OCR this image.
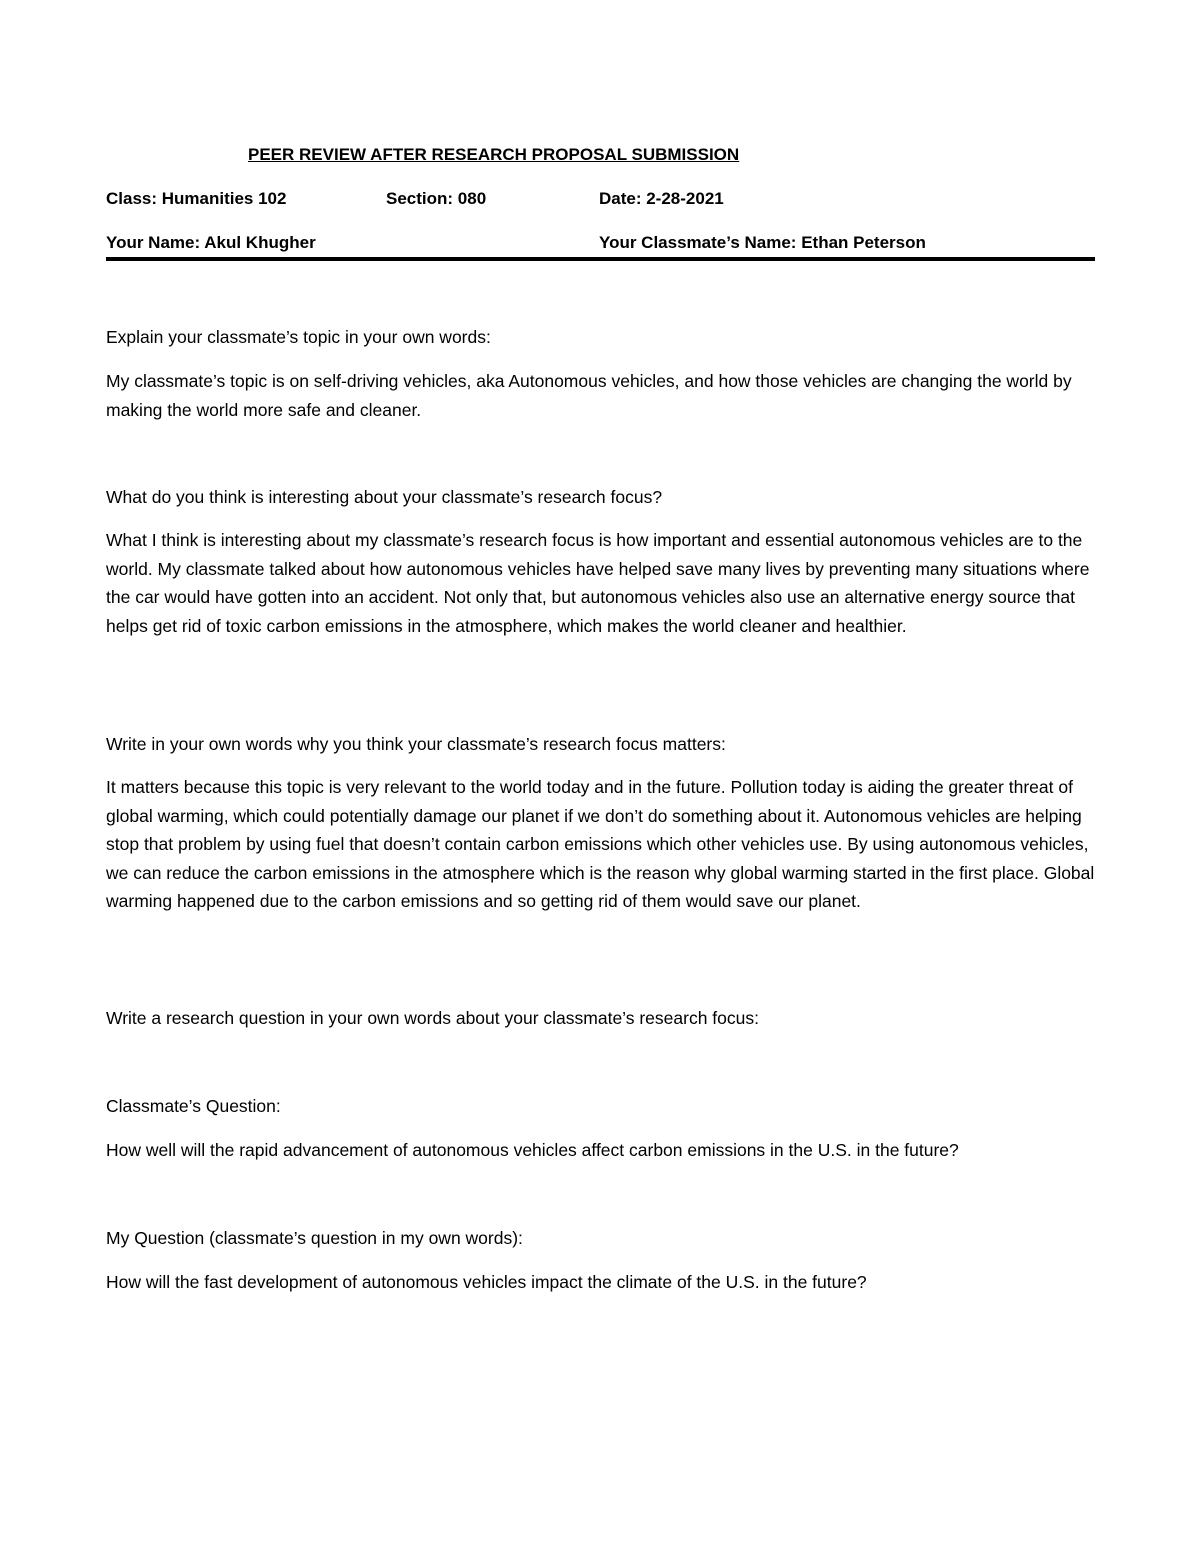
PEER REVIEW AFTER RESEARCH PROPOSAL SUBMISSION
Class: Humanities 102	Section: 080	Date: 2-28-2021
Your Name: Akul Khugher	Your Classmate’s Name: Ethan Peterson
Explain your classmate’s topic in your own words:
My classmate’s topic is on self-driving vehicles, aka Autonomous vehicles, and how those vehicles are changing the world by making the world more safe and cleaner.
What do you think is interesting about your classmate’s research focus?
What I think is interesting about my classmate’s research focus is how important and essential autonomous vehicles are to the world. My classmate talked about how autonomous vehicles have helped save many lives by preventing many situations where the car would have gotten into an accident. Not only that, but autonomous vehicles also use an alternative energy source that helps get rid of toxic carbon emissions in the atmosphere, which makes the world cleaner and healthier.
Write in your own words why you think your classmate’s research focus matters:
It matters because this topic is very relevant to the world today and in the future. Pollution today is aiding the greater threat of global warming, which could potentially damage our planet if we don’t do something about it. Autonomous vehicles are helping stop that problem by using fuel that doesn’t contain carbon emissions which other vehicles use. By using autonomous vehicles, we can reduce the carbon emissions in the atmosphere which is the reason why global warming started in the first place. Global warming happened due to the carbon emissions and so getting rid of them would save our planet.
Write a research question in your own words about your classmate’s research focus:
Classmate’s Question:
How well will the rapid advancement of autonomous vehicles affect carbon emissions in the U.S. in the future?
My Question (classmate’s question in my own words):
How will the fast development of autonomous vehicles impact the climate of the U.S. in the future?
